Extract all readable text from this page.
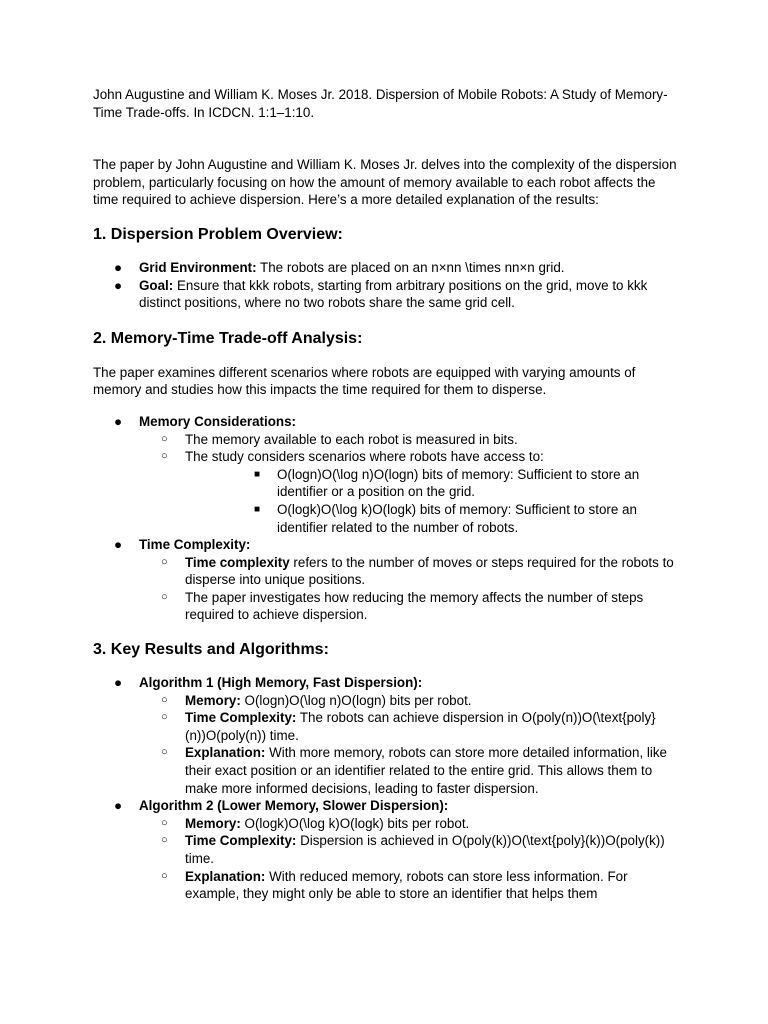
John Augustine and William K. Moses Jr. 2018. Dispersion of Mobile Robots: A Study of Memory-Time Trade-offs. In ICDCN. 1:1–1:10.

The paper by John Augustine and William K. Moses Jr. delves into the complexity of the dispersion problem, particularly focusing on how the amount of memory available to each robot affects the time required to achieve dispersion. Here’s a more detailed explanation of the results:

1. Dispersion Problem Overview:
● Grid Environment: The robots are placed on an n×nn \times nn×n grid.
● Goal: Ensure that kkk robots, starting from arbitrary positions on the grid, move to kkk distinct positions, where no two robots share the same grid cell.
2. Memory-Time Trade-off Analysis:

The paper examines different scenarios where robots are equipped with varying amounts of memory and studies how this impacts the time required for them to disperse.

● Memory Considerations:
○	The memory available to each robot is measured in bits.
○	The study considers scenarios where robots have access to:
■ O(logn)O(\log n)O(logn) bits of memory: Sufficient to store an identifier or a position on the grid.
■ O(logk)O(\log k)O(logk) bits of memory: Sufficient to store an identifier related to the number of robots.
● Time Complexity:
○ Time complexity refers to the number of moves or steps required for the robots to disperse into unique positions.
○ The paper investigates how reducing the memory affects the number of steps required to achieve dispersion.
3. Key Results and Algorithms:
● Algorithm 1 (High Memory, Fast Dispersion):
○ Memory: O(logn)O(\log n)O(logn) bits per robot.
○ Time Complexity: The robots can achieve dispersion in O(poly(n))O(\text{poly}(n))O(poly(n)) time.
○ Explanation: With more memory, robots can store more detailed information, like their exact position or an identifier related to the entire grid. This allows them to make more informed decisions, leading to faster dispersion.
● Algorithm 2 (Lower Memory, Slower Dispersion):
○ Memory: O(logk)O(\log k)O(logk) bits per robot.
○ Time Complexity: Dispersion is achieved in O(poly(k))O(\text{poly}(k))O(poly(k)) time.
○ Explanation: With reduced memory, robots can store less information. For example, they might only be able to store an identifier that helps them
